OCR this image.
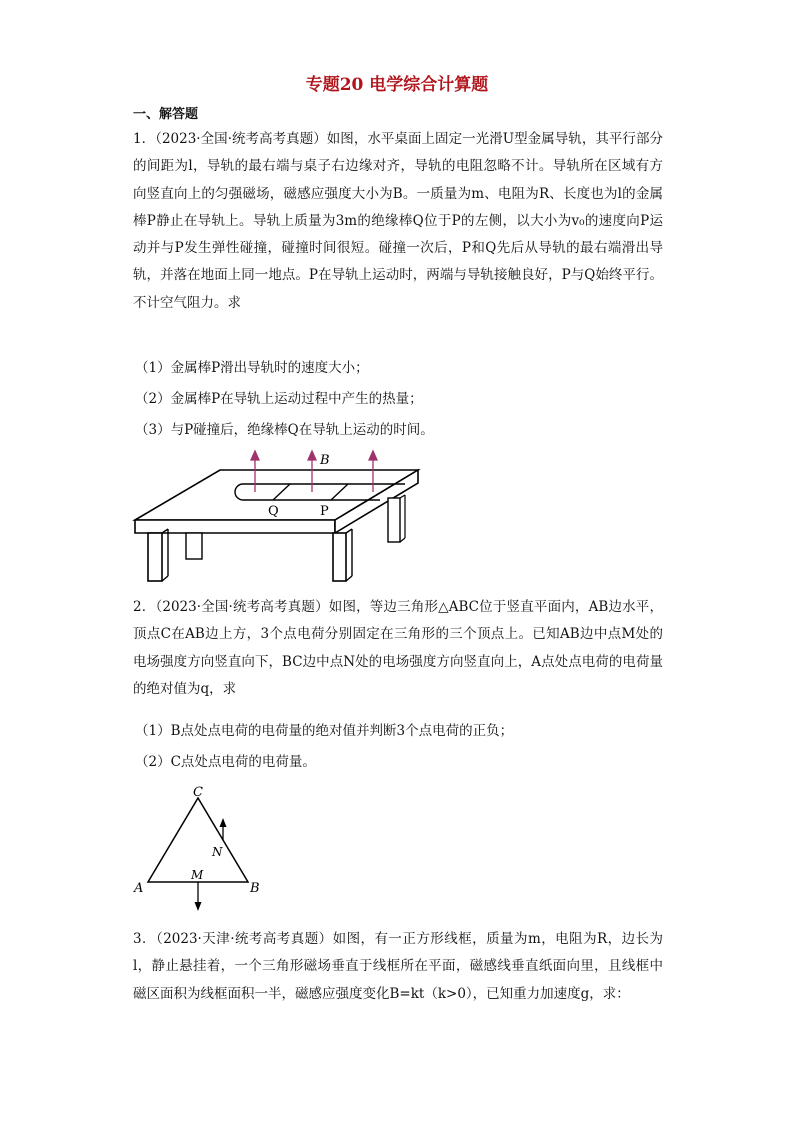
专题20 电学综合计算题
一、解答题

1．（2023·全国·统考高考真题）如图，水平桌面上固定一光滑U型金属导轨，其平行部分的间距为l，导轨的最右端与桌子右边缘对齐，导轨的电阻忽略不计。导轨所在区域有方向竖直向上的匀强磁场，磁感应强度大小为B。一质量为m、电阻为R、长度也为l的金属棒P静止在导轨上。导轨上质量为3m的绝缘棒Q位于P的左侧，以大小为v₀的速度向P运动并与P发生弹性碰撞，碰撞时间很短。碰撞一次后，P和Q先后从导轨的最右端滑出导轨，并落在地面上同一地点。P在导轨上运动时，两端与导轨接触良好，P与Q始终平行。不计空气阻力。求

（1）金属棒P滑出导轨时的速度大小；
（2）金属棒P在导轨上运动过程中产生的热量；
（3）与P碰撞后，绝缘棒Q在导轨上运动的时间。
B
Q	P

2．（2023·全国·统考高考真题）如图，等边三角形△ABC位于竖直平面内，AB边水平，顶点C在AB边上方，3个点电荷分别固定在三角形的三个顶点上。已知AB边中点M处的电场强度方向竖直向下，BC边中点N处的电场强度方向竖直向上，A点处点电荷的电荷量的绝对值为q，求

（1）B点处点电荷的电荷量的绝对值并判断3个点电荷的正负；
（2）C点处点电荷的电荷量。
C
A	B
M
N

3．（2023·天津·统考高考真题）如图，有一正方形线框，质量为m，电阻为R，边长为l，静止悬挂着，一个三角形磁场垂直于线框所在平面，磁感线垂直纸面向里，且线框中磁区面积为线框面积一半，磁感应强度变化B=kt（k>0），已知重力加速度g，求：
